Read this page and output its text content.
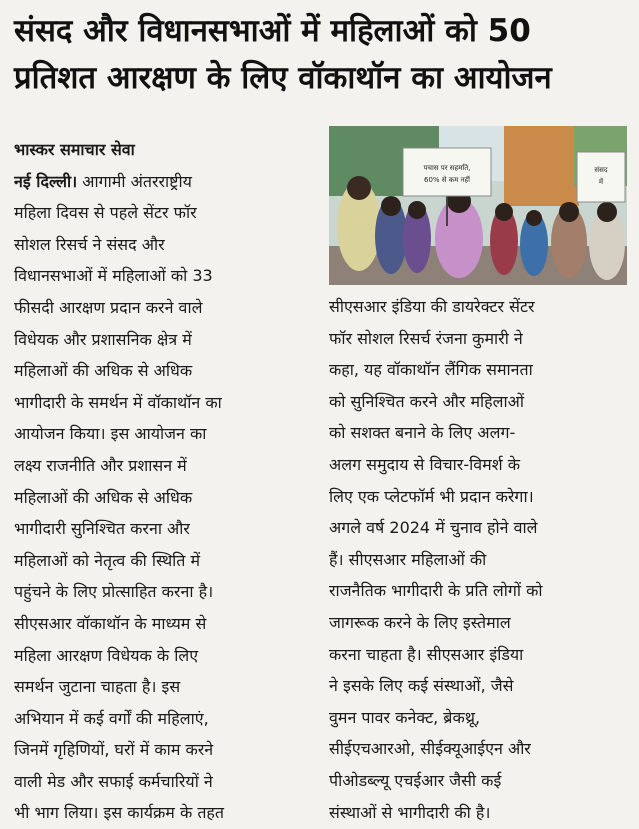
संसद और विधानसभाओं में महिलाओं को 50
प्रतिशत आरक्षण के लिए वॉकाथॉन का आयोजन
भास्कर समाचार सेवा
नई दिल्ली। आगामी अंतरराष्ट्रीय
महिला दिवस से पहले सेंटर फॉर
सोशल रिसर्च ने संसद और
विधानसभाओं में महिलाओं को 33
फीसदी आरक्षण प्रदान करने वाले
विधेयक और प्रशासनिक क्षेत्र में
महिलाओं की अधिक से अधिक
भागीदारी के समर्थन में वॉकाथॉन का
आयोजन किया। इस आयोजन का
लक्ष्य राजनीति और प्रशासन में
महिलाओं की अधिक से अधिक
भागीदारी सुनिश्चित करना और
महिलाओं को नेतृत्व की स्थिति में
पहुंचने के लिए प्रोत्साहित करना है।
सीएसआर वॉकाथॉन के माध्यम से
महिला आरक्षण विधेयक के लिए
समर्थन जुटाना चाहता है। इस
अभियान में कई वर्गों की महिलाएं,
जिनमें गृहिणियों, घरों में काम करने
वाली मेड और सफाई कर्मचारियों ने
भी भाग लिया। इस कार्यक्रम के तहत
पचास पर सहमति,
60% से कम नहीं
संसद
में
सीएसआर इंडिया की डायरेक्टर सेंटर
फॉर सोशल रिसर्च रंजना कुमारी ने
कहा, यह वॉकाथॉन लैंगिक समानता
को सुनिश्चित करने और महिलाओं
को सशक्त बनाने के लिए अलग-
अलग समुदाय से विचार-विमर्श के
लिए एक प्लेटफॉर्म भी प्रदान करेगा।
अगले वर्ष 2024 में चुनाव होने वाले
हैं। सीएसआर महिलाओं की
राजनैतिक भागीदारी के प्रति लोगों को
जागरूक करने के लिए इस्तेमाल
करना चाहता है। सीएसआर इंडिया
ने इसके लिए कई संस्थाओं, जैसे
वुमन पावर कनेक्ट, ब्रेकथ्रू,
सीईएचआरओ, सीईक्यूआईएन और
पीओडब्ल्यू एचईआर जैसी कई
संस्थाओं से भागीदारी की है।
